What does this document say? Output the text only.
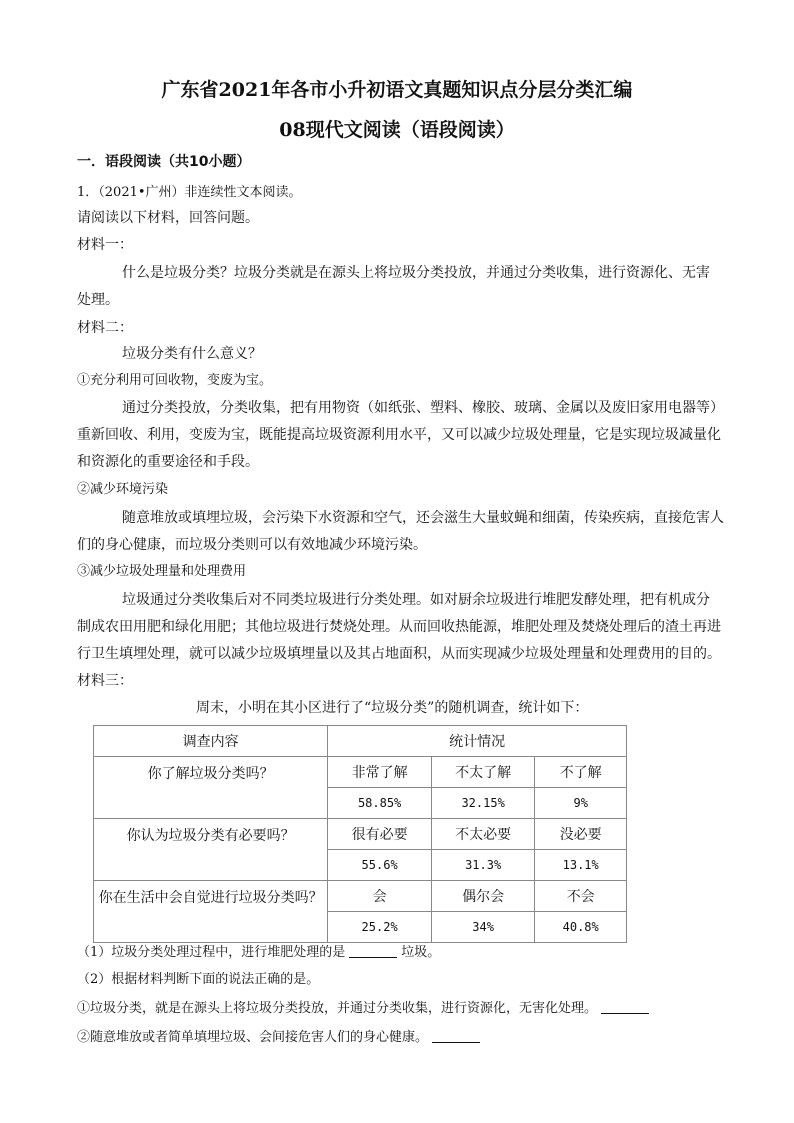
广东省2021年各市小升初语文真题知识点分层分类汇编
08现代文阅读（语段阅读）
一．语段阅读（共10小题）
1．（2021•广州）非连续性文本阅读。
请阅读以下材料，回答问题。
材料一：
什么是垃圾分类？垃圾分类就是在源头上将垃圾分类投放，并通过分类收集，进行资源化、无害
处理。
材料二：
垃圾分类有什么意义？
①充分利用可回收物，变废为宝。
通过分类投放，分类收集，把有用物资（如纸张、塑料、橡胶、玻璃、金属以及废旧家用电器等）
重新回收、利用，变废为宝，既能提高垃圾资源利用水平，又可以减少垃圾处理量，它是实现垃圾减量化
和资源化的重要途径和手段。
②减少环境污染
随意堆放或填埋垃圾，会污染下水资源和空气，还会滋生大量蚊蝇和细菌，传染疾病，直接危害人
们的身心健康，而垃圾分类则可以有效地减少环境污染。
③减少垃圾处理量和处理费用
垃圾通过分类收集后对不同类垃圾进行分类处理。如对厨余垃圾进行堆肥发酵处理，把有机成分
制成农田用肥和绿化用肥；其他垃圾进行焚烧处理。从而回收热能源，堆肥处理及焚烧处理后的渣土再进
行卫生填埋处理，就可以减少垃圾填埋量以及其占地面积，从而实现减少垃圾处理量和处理费用的目的。
材料三：
周末，小明在其小区进行了“垃圾分类”的随机调查，统计如下：
调查内容	统计情况		
你了解垃圾分类吗？	非常了解	不太了解	不了解
	58.85%	32.15%	9%
你认为垃圾分类有必要吗？	很有必要	不太必要	没必要
	55.6%	31.3%	13.1%
你在生活中会自觉进行垃圾分类吗？	会	偶尔会	不会
	25.2%	34%	40.8%
（1）垃圾分类处理过程中，进行堆肥处理的是	垃圾。
（2）根据材料判断下面的说法正确的是。
①垃圾分类，就是在源头上将垃圾分类投放，并通过分类收集，进行资源化，无害化处理。
②随意堆放或者简单填埋垃圾、会间接危害人们的身心健康。
